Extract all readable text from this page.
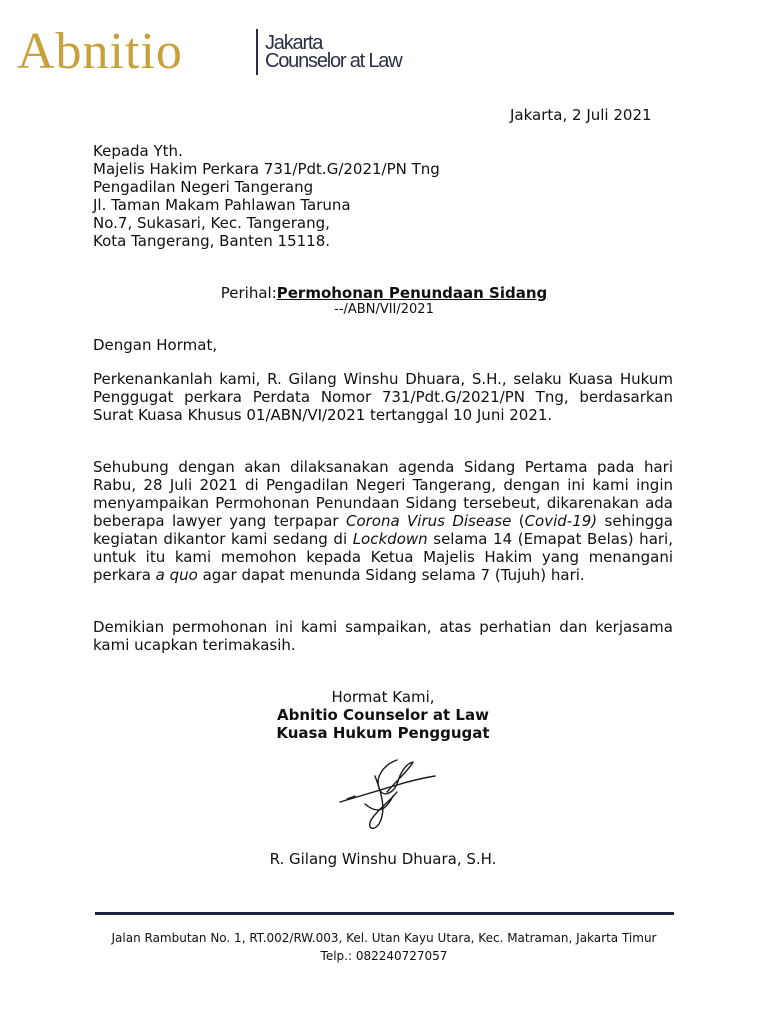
Abnitio	Jakarta
Counselor at Law
Jakarta, 2 Juli 2021
Kepada Yth.
Majelis Hakim Perkara 731/Pdt.G/2021/PN Tng
Pengadilan Negeri Tangerang
Jl. Taman Makam Pahlawan Taruna
No.7, Sukasari, Kec. Tangerang,
Kota Tangerang, Banten 15118.
Perihal:Permohonan Penundaan Sidang
--/ABN/VII/2021
Dengan Hormat,
Perkenankanlah kami, R. Gilang Winshu Dhuara, S.H., selaku Kuasa Hukum Penggugat perkara Perdata Nomor 731/Pdt.G/2021/PN Tng, berdasarkan Surat Kuasa Khusus 01/ABN/VI/2021 tertanggal 10 Juni 2021.
Sehubung dengan akan dilaksanakan agenda Sidang Pertama pada hari Rabu, 28 Juli 2021 di Pengadilan Negeri Tangerang, dengan ini kami ingin menyampaikan Permohonan Penundaan Sidang tersebeut, dikarenakan ada beberapa lawyer yang terpapar Corona Virus Disease (Covid-19) sehingga kegiatan dikantor kami sedang di Lockdown selama 14 (Emapat Belas) hari, untuk itu kami memohon kepada Ketua Majelis Hakim yang menangani perkara a quo agar dapat menunda Sidang selama 7 (Tujuh) hari.
Demikian permohonan ini kami sampaikan, atas perhatian dan kerjasama kami ucapkan terimakasih.
Hormat Kami,
Abnitio Counselor at Law
Kuasa Hukum Penggugat
R. Gilang Winshu Dhuara, S.H.
Jalan Rambutan No. 1, RT.002/RW.003, Kel. Utan Kayu Utara, Kec. Matraman, Jakarta Timur
Telp.: 082240727057
